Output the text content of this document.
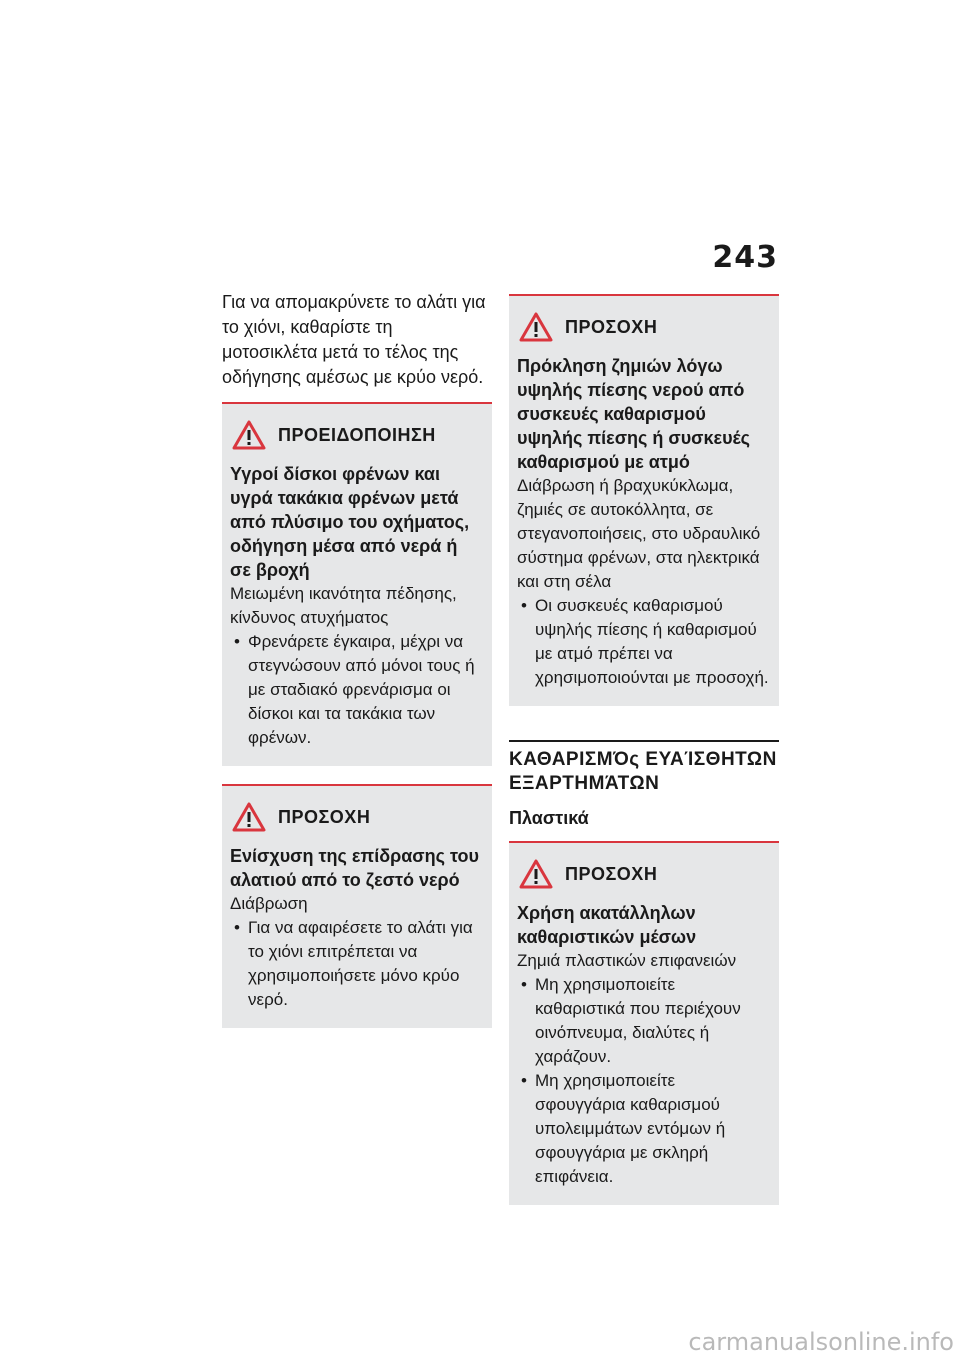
243

Για να απομακρύνετε το αλάτι για το χιόνι, καθαρίστε τη μοτοσικλέτα μετά το τέλος της οδήγησης αμέσως με κρύο νερό.

ΠΡΟΕΙΔΟΠΟΙΗΣΗ

Υγροί δίσκοι φρένων και υγρά τακάκια φρένων μετά από πλύσιμο του οχήματος, οδήγηση μέσα από νερά ή σε βροχή

Μειωμένη ικανότητα πέδησης, κίνδυνος ατυχήματος

• Φρενάρετε έγκαιρα, μέχρι να στεγνώσουν από μόνοι τους ή με σταδιακό φρενάρισμα οι δίσκοι και τα τακάκια των φρένων.
ΠΡΟΣΟΧΗ

Ενίσχυση της επίδρασης του αλατιού από το ζεστό νερό

Διάβρωση

• Για να αφαιρέσετε το αλάτι για το χιόνι επιτρέπεται να χρησιμοποιήσετε μόνο κρύο νερό.
ΠΡΟΣΟΧΗ

Πρόκληση ζημιών λόγω υψηλής πίεσης νερού από συσκευές καθαρισμού υψηλής πίεσης ή συσκευές καθαρισμού με ατμό

Διάβρωση ή βραχυκύκλωμα, ζημιές σε αυτοκόλλητα, σε στεγανοποιήσεις, στο υδραυλικό σύστημα φρένων, στα ηλεκτρικά και στη σέλα

• Οι συσκευές καθαρισμού υψηλής πίεσης ή καθαρισμού με ατμό πρέπει να χρησιμοποιούνται με προσοχή.
ΚΑΘΑΡΙΣΜΌς ΕΥΑΊΣΘΗΤΩΝ ΕΞΑΡΤΗΜΆΤΩΝ
Πλαστικά
ΠΡΟΣΟΧΗ

Χρήση ακατάλληλων καθαριστικών μέσων

Ζημιά πλαστικών επιφανειών

• Μη χρησιμοποιείτε καθαριστικά που περιέχουν οινόπνευμα, διαλύτες ή χαράζουν.
• Μη χρησιμοποιείτε σφουγγάρια καθαρισμού υπολειμμάτων εντόμων ή σφουγγάρια με σκληρή επιφάνεια.
carmanualsonline.info
